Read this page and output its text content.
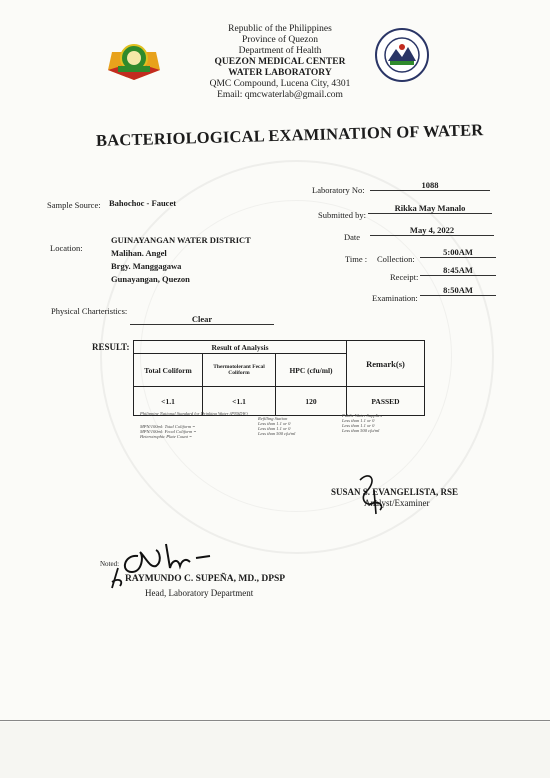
Republic of the Philippines
Province of Quezon
Department of Health
QUEZON MEDICAL CENTER
WATER LABORATORY
QMC Compound, Lucena City, 4301
Email: qmcwaterlab@gmail.com
BACTERIOLOGICAL EXAMINATION OF WATER
Sample Source: Bahochoc - Faucet
Laboratory No:	1088
Submitted by:
Rikka May Manalo
Date
May 4, 2022
Location:
GUINAYANGAN WATER DISTRICT
Malihan. Angel
Brgy. Manggagawa
Gunayangan, Quezon
Time : Collection:
5:00AM
Receipt:
8:45AM
Examination:
8:50AM
Physical Charteristics:
Clear
RESULT:	Result of Analysis			Remark(s)
Total Coliform	Thermotolerant Fecal Coliform	HPC (cfu/ml)	
<1.1	<1.1	120	PASSED
Philippine National Standard for Drinking Water (PNSDW)
MPN/100ml: Total Coliform =
MPN/100ml: Fecal Coliform =
Heterotrophic Plate Count =
Refilling Station
Less than 1.1 or 0
Less than 1.1 or 0
Less than 500 cfu/ml
Public Water Supplies
Less than 1.1 or 0
Less than 1.1 or 0
Less than 500 cfu/ml
SUSAN S. EVANGELISTA, RSE
Analyst/Examiner
Noted:
RAYMUNDO C. SUPEÑA, MD., DPSP
Head, Laboratory Department
